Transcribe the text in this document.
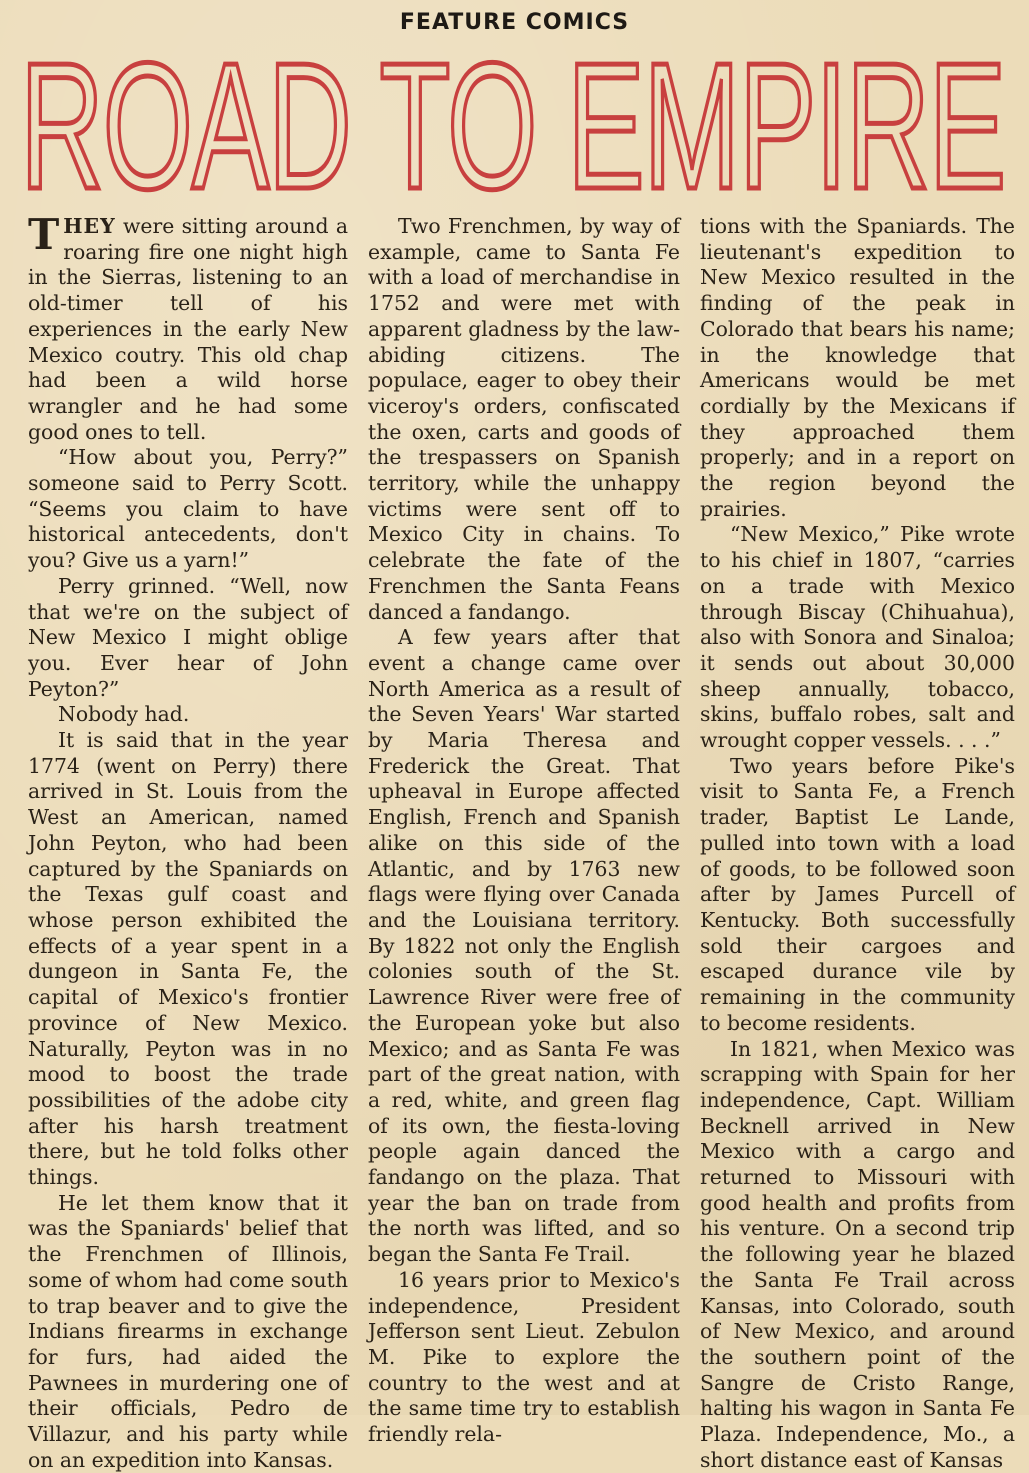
FEATURE COMICS
ROAD TO EMPIRE

THEY were sitting around a roaring fire one night high in the Sierras, listening to an old-timer tell of his experiences in the early New Mexico coutry. This old chap had been a wild horse wrangler and he had some good ones to tell.

“How about you, Perry?” someone said to Perry Scott. “Seems you claim to have historical antecedents, don't you? Give us a yarn!”

Perry grinned. “Well, now that we're on the subject of New Mexico I might oblige you. Ever hear of John Peyton?”

Nobody had.

It is said that in the year 1774 (went on Perry) there arrived in St. Louis from the West an American, named John Peyton, who had been captured by the Spaniards on the Texas gulf coast and whose person exhibited the effects of a year spent in a dungeon in Santa Fe, the capital of Mexico's frontier province of New Mexico. Naturally, Peyton was in no mood to boost the trade possibilities of the adobe city after his harsh treatment there, but he told folks other things.

He let them know that it was the Spaniards' belief that the Frenchmen of Illinois, some of whom had come south to trap beaver and to give the Indians firearms in exchange for furs, had aided the Pawnees in murdering one of their officials, Pedro de Villazur, and his party while on an expedition into Kansas.

Two Frenchmen, by way of example, came to Santa Fe with a load of merchandise in 1752 and were met with apparent gladness by the law-abiding citizens. The populace, eager to obey their viceroy's orders, confiscated the oxen, carts and goods of the trespassers on Spanish territory, while the unhappy victims were sent off to Mexico City in chains. To celebrate the fate of the Frenchmen the Santa Feans danced a fandango.

A few years after that event a change came over North America as a result of the Seven Years' War started by Maria Theresa and Frederick the Great. That upheaval in Europe affected English, French and Spanish alike on this side of the Atlantic, and by 1763 new flags were flying over Canada and the Louisiana territory. By 1822 not only the English colonies south of the St. Lawrence River were free of the European yoke but also Mexico; and as Santa Fe was part of the great nation, with a red, white, and green flag of its own, the fiesta-loving people again danced the fandango on the plaza. That year the ban on trade from the north was lifted, and so began the Santa Fe Trail.

16 years prior to Mexico's independence, President Jefferson sent Lieut. Zebulon M. Pike to explore the country to the west and at the same time try to establish friendly rela-

tions with the Spaniards. The lieutenant's expedition to New Mexico resulted in the finding of the peak in Colorado that bears his name; in the knowledge that Americans would be met cordially by the Mexicans if they approached them properly; and in a report on the region beyond the prairies.

“New Mexico,” Pike wrote to his chief in 1807, “carries on a trade with Mexico through Biscay (Chihuahua), also with Sonora and Sinaloa; it sends out about 30,000 sheep annually, tobacco, skins, buffalo robes, salt and wrought copper vessels. . . .”

Two years before Pike's visit to Santa Fe, a French trader, Baptist Le Lande, pulled into town with a load of goods, to be followed soon after by James Purcell of Kentucky. Both successfully sold their cargoes and escaped durance vile by remaining in the community to become residents.

In 1821, when Mexico was scrapping with Spain for her independence, Capt. William Becknell arrived in New Mexico with a cargo and returned to Missouri with good health and profits from his venture. On a second trip the following year he blazed the Santa Fe Trail across Kansas, into Colorado, south of New Mexico, and around the southern point of the Sangre de Cristo Range, halting his wagon in Santa Fe Plaza. Independence, Mo., a short distance east of Kansas
